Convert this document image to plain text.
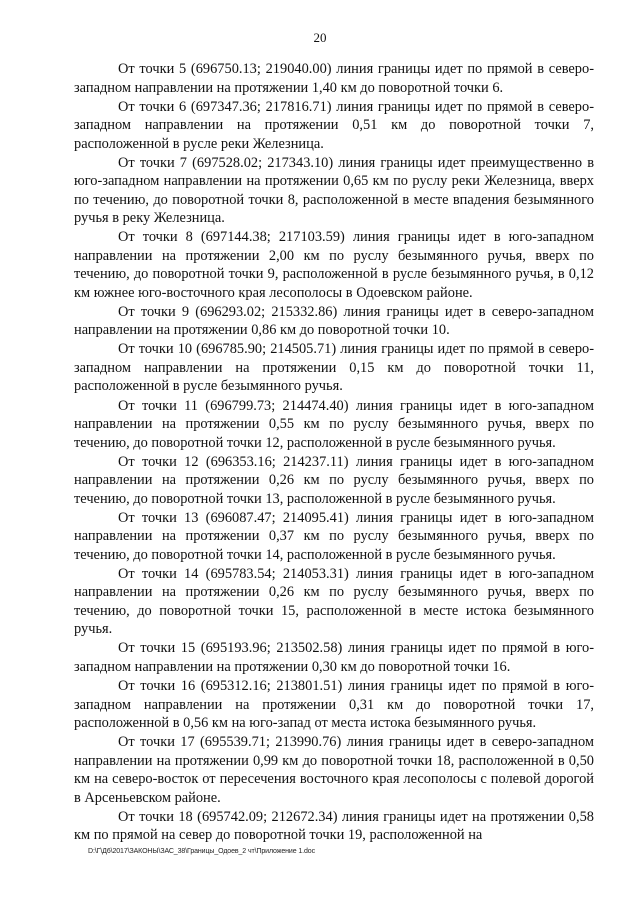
20

От точки 5 (696750.13; 219040.00) линия границы идет по прямой в северо-западном направлении на протяжении 1,40 км до поворотной точки 6.

От точки 6 (697347.36; 217816.71) линия границы идет по прямой в северо-западном направлении на протяжении 0,51 км до поворотной точки 7, расположенной в русле реки Железница.

От точки 7 (697528.02; 217343.10) линия границы идет преимущественно в юго-западном направлении на протяжении 0,65 км по руслу реки Железница, вверх по течению, до поворотной точки 8, расположенной в месте впадения безымянного ручья в реку Железница.

От точки 8 (697144.38; 217103.59) линия границы идет в юго-западном направлении на протяжении 2,00 км по руслу безымянного ручья, вверх по течению, до поворотной точки 9, расположенной в русле безымянного ручья, в 0,12 км южнее юго-восточного края лесополосы в Одоевском районе.

От точки 9 (696293.02; 215332.86) линия границы идет в северо-западном направлении на протяжении 0,86 км до поворотной точки 10.

От точки 10 (696785.90; 214505.71) линия границы идет по прямой в северо-западном направлении на протяжении 0,15 км до поворотной точки 11, расположенной в русле безымянного ручья.

От точки 11 (696799.73; 214474.40) линия границы идет в юго-западном направлении на протяжении 0,55 км по руслу безымянного ручья, вверх по течению, до поворотной точки 12, расположенной в русле безымянного ручья.

От точки 12 (696353.16; 214237.11) линия границы идет в юго-западном направлении на протяжении 0,26 км по руслу безымянного ручья, вверх по течению, до поворотной точки 13, расположенной в русле безымянного ручья.

От точки 13 (696087.47; 214095.41) линия границы идет в юго-западном направлении на протяжении 0,37 км по руслу безымянного ручья, вверх по течению, до поворотной точки 14, расположенной в русле безымянного ручья.

От точки 14 (695783.54; 214053.31) линия границы идет в юго-западном направлении на протяжении 0,26 км по руслу безымянного ручья, вверх по течению, до поворотной точки 15, расположенной в месте истока безымянного ручья.

От точки 15 (695193.96; 213502.58) линия границы идет по прямой в юго-западном направлении на протяжении 0,30 км до поворотной точки 16.

От точки 16 (695312.16; 213801.51) линия границы идет по прямой в юго-западном направлении на протяжении 0,31 км до поворотной точки 17, расположенной в 0,56 км на юго-запад от места истока безымянного ручья.

От точки 17 (695539.71; 213990.76) линия границы идет в северо-западном направлении на протяжении 0,99 км до поворотной точки 18, расположенной в 0,50 км на северо-восток от пересечения восточного края лесополосы с полевой дорогой в Арсеньевском районе.

От точки 18 (695742.09; 212672.34) линия границы идет на протяжении 0,58 км по прямой на север до поворотной точки 19, расположенной на

D:\Г\Д6\2017\ЗАКОНЫ\ЗАС_38\Границы_Одоев_2 чт\Приложение 1.doc
